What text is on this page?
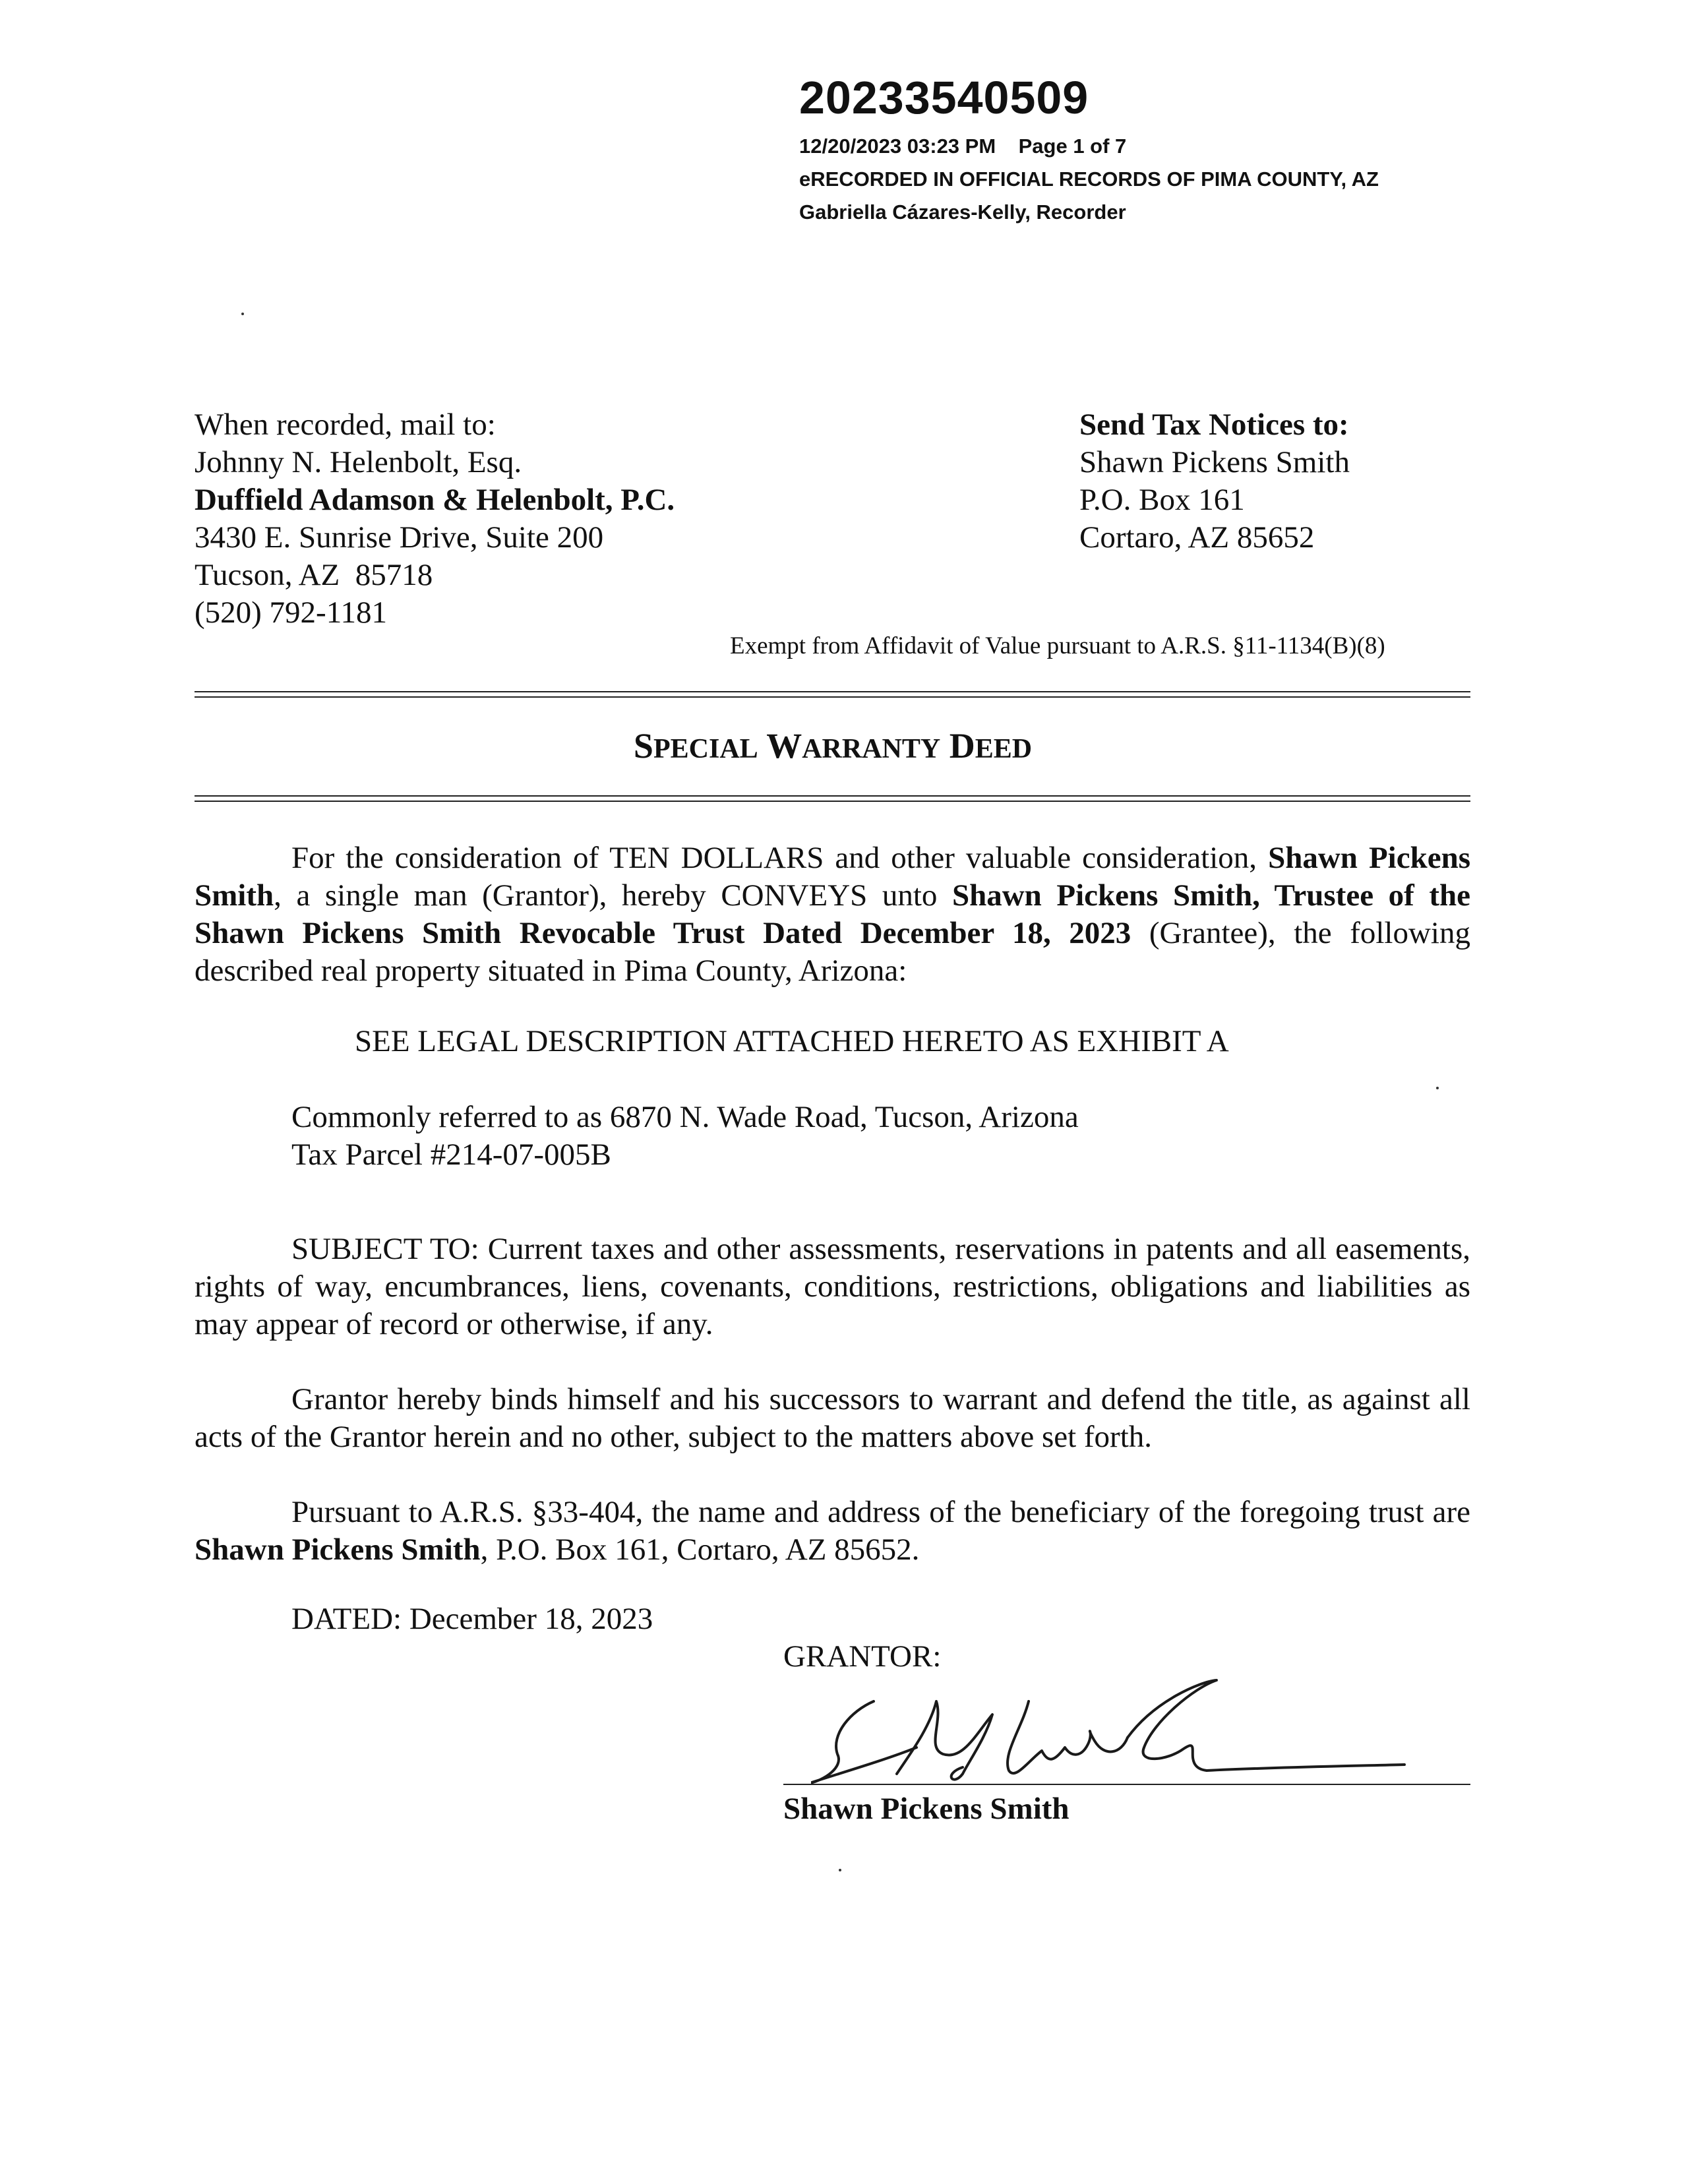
20233540509
12/20/2023 03:23 PM    Page 1 of 7
eRECORDED IN OFFICIAL RECORDS OF PIMA COUNTY, AZ
Gabriella Cázares-Kelly, Recorder
When recorded, mail to:
Johnny N. Helenbolt, Esq.
Duffield Adamson & Helenbolt, P.C.
3430 E. Sunrise Drive, Suite 200
Tucson, AZ  85718
(520) 792-1181
Send Tax Notices to:
Shawn Pickens Smith
P.O. Box 161
Cortaro, AZ 85652
Exempt from Affidavit of Value pursuant to A.R.S. §11-1134(B)(8)
SPECIAL WARRANTY DEED
For the consideration of TEN DOLLARS and other valuable consideration, Shawn Pickens Smith, a single man (Grantor), hereby CONVEYS unto Shawn Pickens Smith, Trustee of the Shawn Pickens Smith Revocable Trust Dated December 18, 2023 (Grantee), the following described real property situated in Pima County, Arizona:
SEE LEGAL DESCRIPTION ATTACHED HERETO AS EXHIBIT A
Commonly referred to as 6870 N. Wade Road, Tucson, Arizona
Tax Parcel #214-07-005B
SUBJECT TO: Current taxes and other assessments, reservations in patents and all easements, rights of way, encumbrances, liens, covenants, conditions, restrictions, obligations and liabilities as may appear of record or otherwise, if any.
Grantor hereby binds himself and his successors to warrant and defend the title, as against all acts of the Grantor herein and no other, subject to the matters above set forth.
Pursuant to A.R.S. §33-404, the name and address of the beneficiary of the foregoing trust are Shawn Pickens Smith, P.O. Box 161, Cortaro, AZ 85652.
DATED: December 18, 2023
GRANTOR:
Shawn Pickens Smith
